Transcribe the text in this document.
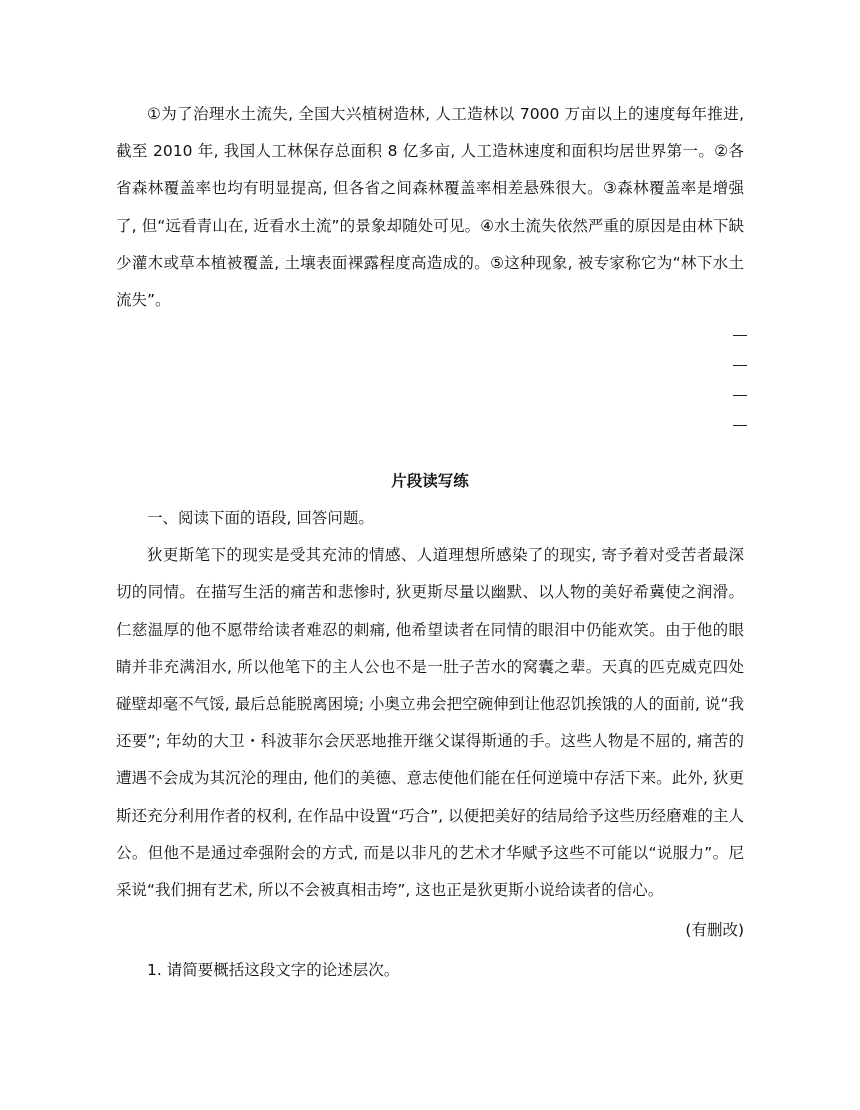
①为了治理水土流失, 全国大兴植树造林, 人工造林以 7000 万亩以上的速度每年推进, 截至 2010 年, 我国人工林保存总面积 8 亿多亩, 人工造林速度和面积均居世界第一。②各省森林覆盖率也均有明显提高, 但各省之间森林覆盖率相差悬殊很大。③森林覆盖率是增强了, 但“远看青山在, 近看水土流”的景象却随处可见。④水土流失依然严重的原因是由林下缺少灌木或草本植被覆盖, 土壤表面裸露程度高造成的。⑤这种现象, 被专家称它为“林下水土流失”。

片段读写练

一、阅读下面的语段, 回答问题。

狄更斯笔下的现实是受其充沛的情感、人道理想所感染了的现实, 寄予着对受苦者最深切的同情。在描写生活的痛苦和悲惨时, 狄更斯尽量以幽默、以人物的美好希冀使之润滑。仁慈温厚的他不愿带给读者难忍的刺痛, 他希望读者在同情的眼泪中仍能欢笑。由于他的眼睛并非充满泪水, 所以他笔下的主人公也不是一肚子苦水的窝囊之辈。天真的匹克威克四处碰壁却毫不气馁, 最后总能脱离困境; 小奥立弗会把空碗伸到让他忍饥挨饿的人的面前, 说“我还要”; 年幼的大卫・科波菲尔会厌恶地推开继父谋得斯通的手。这些人物是不屈的, 痛苦的遭遇不会成为其沉沦的理由, 他们的美德、意志使他们能在任何逆境中存活下来。此外, 狄更斯还充分利用作者的权利, 在作品中设置“巧合”, 以便把美好的结局给予这些历经磨难的主人公。但他不是通过牵强附会的方式, 而是以非凡的艺术才华赋予这些不可能以“说服力”。尼采说“我们拥有艺术, 所以不会被真相击垮”, 这也正是狄更斯小说给读者的信心。

(有删改)

1. 请简要概括这段文字的论述层次。
